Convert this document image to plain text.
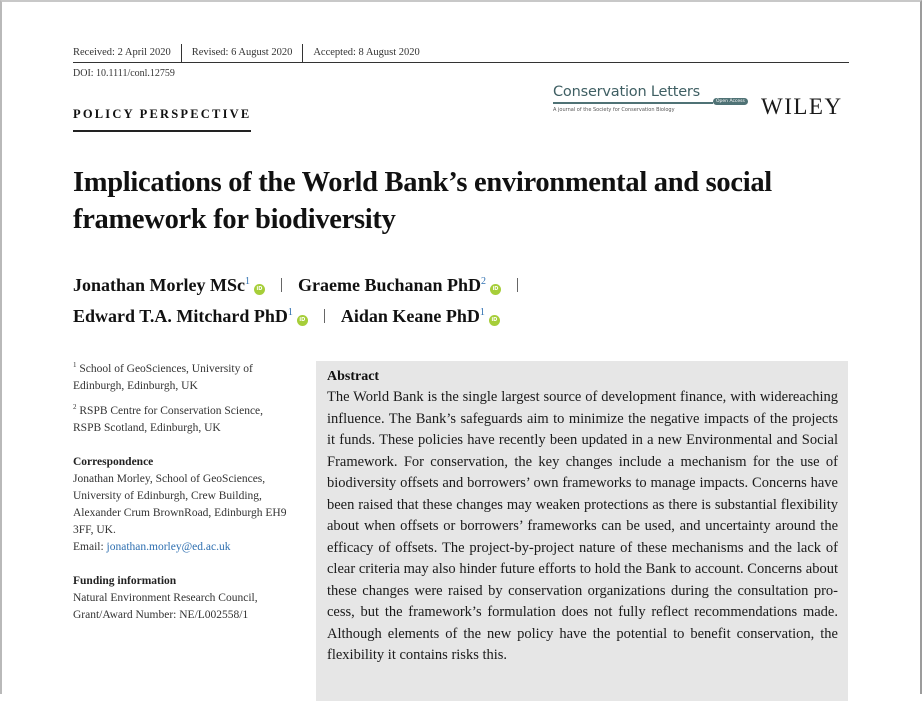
Received: 2 April 2020	Revised: 6 August 2020	Accepted: 8 August 2020
DOI: 10.1111/conl.12759
POLICY PERSPECTIVE
Conservation Letters
A journal of the Society for Conservation Biology
Open Access WILEY
Implications of the World Bank’s environmental and social framework for biodiversity
Jonathan Morley MSc$^1$iD Graeme Buchanan PhD$^2$iD
Edward T.A. Mitchard PhD$^1$iD Aidan Keane PhD$^1$iD

$^1$ School of GeoSciences, University of Edinburgh, Edinburgh, UK

$^2$ RSPB Centre for Conservation Science, RSPB Scotland, Edinburgh, UK

Correspondence

Jonathan Morley, School of GeoSciences, University of Edinburgh, Crew Building, Alexander Crum BrownRoad, Edinburgh EH9 3FF, UK.

Email: jonathan.morley@ed.ac.uk

Funding information

Natural Environment Research Council, Grant/Award Number: NE/L002558/1

Abstract

The World Bank is the single largest source of development finance, with widereaching influence. The Bank’s safeguards aim to minimize the negative impacts of the projects it funds. These policies have recently been updated in a new Environmental and Social Framework. For conservation, the key changes include a mechanism for the use of biodiversity offsets and borrowers’ own frameworks to manage impacts. Concerns have been raised that these changes may weaken protections as there is substantial flexibility about when offsets or borrowers’ frameworks can be used, and uncertainty around the efficacy of offsets. The project-by-project nature of these mechanisms and the lack of clear criteria may also hinder future efforts to hold the Bank to account. Concerns about these changes were raised by conservation organizations during the consultation process, but the framework’s formulation does not fully reflect recommendations made. Although elements of the new policy have the potential to benefit conservation, the flexibility it contains risks this.
